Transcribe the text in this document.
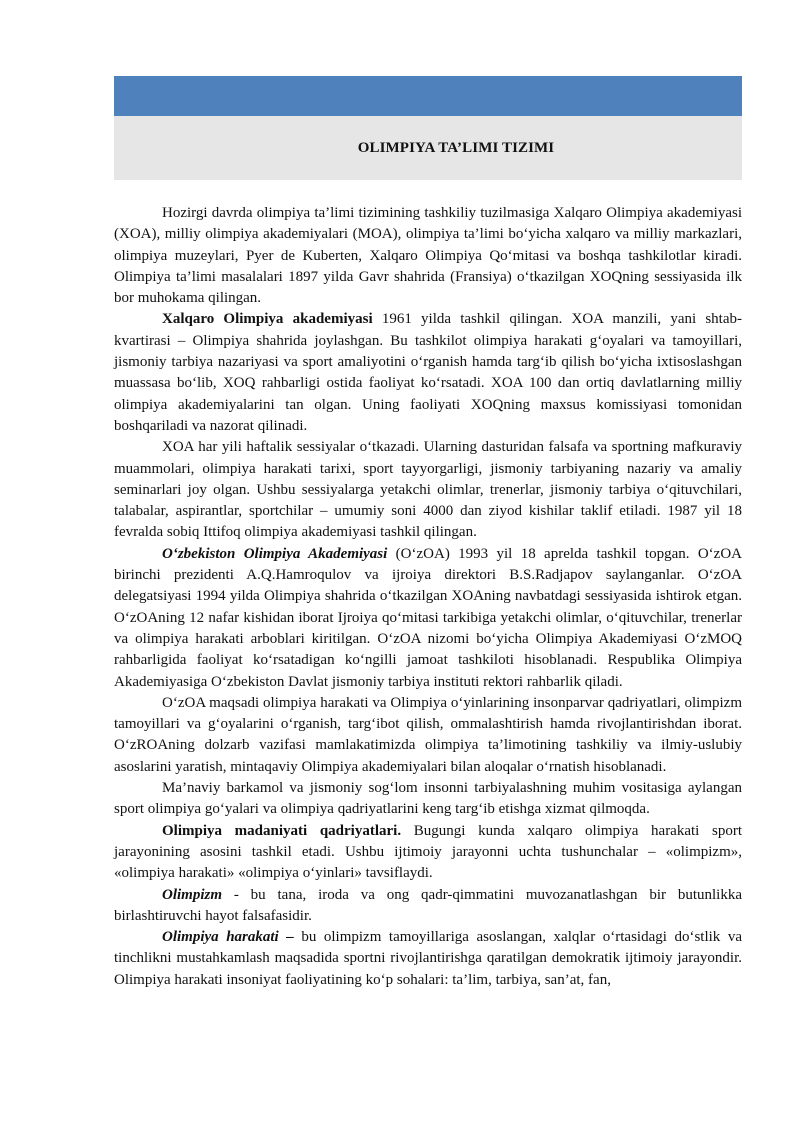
OLIMPIYA TA’LIMI TIZIMI

Hozirgi davrda olimpiya ta’limi tizimining tashkiliy tuzilmasiga Xalqaro Olimpiya akademiyasi (XOA), milliy olimpiya akademiyalari (MOA), olimpiya ta’limi bo‘yicha xalqaro va milliy markazlari, olimpiya muzeylari, Pyer de Kuberten, Xalqaro Olimpiya Qo‘mitasi va boshqa tashkilotlar kiradi. Olimpiya ta’limi masalalari 1897 yilda Gavr shahrida (Fransiya) o‘tkazilgan XOQning sessiyasida ilk bor muhokama qilingan.

Xalqaro Olimpiya akademiyasi 1961 yilda tashkil qilingan. XOA manzili, yani shtab-kvartirasi – Olimpiya shahrida joylashgan. Bu tashkilot olimpiya harakati g‘oyalari va tamoyillari, jismoniy tarbiya nazariyasi va sport amaliyotini o‘rganish hamda targ‘ib qilish bo‘yicha ixtisoslashgan muassasa bo‘lib, XOQ rahbarligi ostida faoliyat ko‘rsatadi. XOA 100 dan ortiq davlatlarning milliy olimpiya akademiyalarini tan olgan. Uning faoliyati XOQning maxsus komissiyasi tomonidan boshqariladi va nazorat qilinadi.

XOA har yili haftalik sessiyalar o‘tkazadi. Ularning dasturidan falsafa va sportning mafkuraviy muammolari, olimpiya harakati tarixi, sport tayyorgarligi, jismoniy tarbiyaning nazariy va amaliy seminarlari joy olgan. Ushbu sessiyalarga yetakchi olimlar, trenerlar, jismoniy tarbiya o‘qituvchilari, talabalar, aspirantlar, sportchilar – umumiy soni 4000 dan ziyod kishilar taklif etiladi. 1987 yil 18 fevralda sobiq Ittifoq olimpiya akademiyasi tashkil qilingan.

O‘zbekiston Olimpiya Akademiyasi (O‘zOA) 1993 yil 18 aprelda tashkil topgan. O‘zOA birinchi prezidenti A.Q.Hamroqulov va ijroiya direktori B.S.Radjapov saylanganlar. O‘zOA delegatsiyasi 1994 yilda Olimpiya shahrida o‘tkazilgan XOAning navbatdagi sessiyasida ishtirok etgan. O‘zOAning 12 nafar kishidan iborat Ijroiya qo‘mitasi tarkibiga yetakchi olimlar, o‘qituvchilar, trenerlar va olimpiya harakati arboblari kiritilgan. O‘zOA nizomi bo‘yicha Olimpiya Akademiyasi O‘zMOQ rahbarligida faoliyat ko‘rsatadigan ko‘ngilli jamoat tashkiloti hisoblanadi. Respublika Olimpiya Akademiyasiga O‘zbekiston Davlat jismoniy tarbiya instituti rektori rahbarlik qiladi.

O‘zOA maqsadi olimpiya harakati va Olimpiya o‘yinlarining insonparvar qadriyatlari, olimpizm tamoyillari va g‘oyalarini o‘rganish, targ‘ibot qilish, ommalashtirish hamda rivojlantirishdan iborat. O‘zROAning dolzarb vazifasi mamlakatimizda olimpiya ta’limotining tashkiliy va ilmiy-uslubiy asoslarini yaratish, mintaqaviy Olimpiya akademiyalari bilan aloqalar o‘rnatish hisoblanadi.

Ma’naviy barkamol va jismoniy sog‘lom insonni tarbiyalashning muhim vositasiga aylangan sport olimpiya go‘yalari va olimpiya qadriyatlarini keng targ‘ib etishga xizmat qilmoqda.

Olimpiya madaniyati qadriyatlari. Bugungi kunda xalqaro olimpiya harakati sport jarayonining asosini tashkil etadi. Ushbu ijtimoiy jarayonni uchta tushunchalar – «olimpizm», «olimpiya harakati» «olimpiya o‘yinlari» tavsiflaydi.

Olimpizm - bu tana, iroda va ong qadr-qimmatini muvozanatlashgan bir butunlikka birlashtiruvchi hayot falsafasidir.

Olimpiya harakati – bu olimpizm tamoyillariga asoslangan, xalqlar o‘rtasidagi do‘stlik va tinchlikni mustahkamlash maqsadida sportni rivojlantirishga qaratilgan demokratik ijtimoiy jarayondir. Olimpiya harakati insoniyat faoliyatining ko‘p sohalari: ta’lim, tarbiya, san’at, fan,
